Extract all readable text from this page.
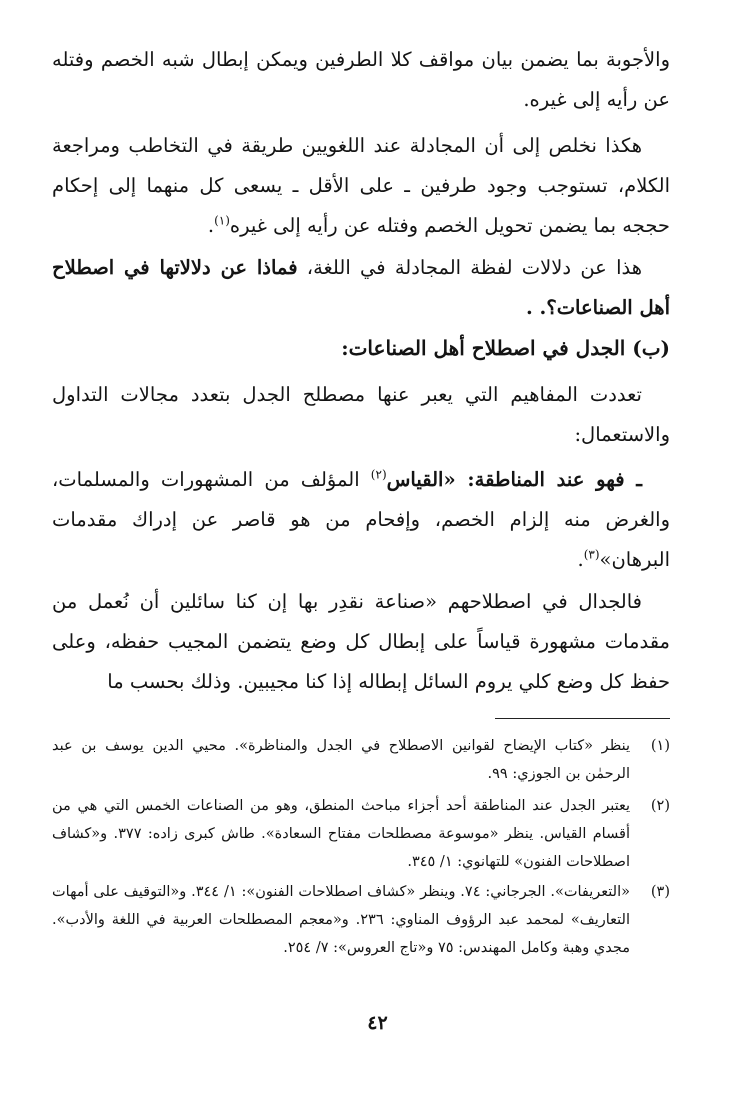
والأجوبة بما يضمن بيان مواقف كلا الطرفين ويمكن إبطال شبه الخصم وفتله عن رأيه إلى غيره.

هكذا نخلص إلى أن المجادلة عند اللغويين طريقة في التخاطب ومراجعة الكلام، تستوجب وجود طرفين ـ على الأقل ـ يسعى كل منهما إلى إحكام حججه بما يضمن تحويل الخصم وفتله عن رأيه إلى غيره$^{(١)}$.

هذا عن دلالات لفظة المجادلة في اللغة، فماذا عن دلالاتها في اصطلاح أهل الصناعات؟. .

(ب) الجدل في اصطلاح أهل الصناعات:

تعددت المفاهيم التي يعبر عنها مصطلح الجدل بتعدد مجالات التداول والاستعمال:

ـ فهو عند المناطقة: «القياس$^{(٢)}$ المؤلف من المشهورات والمسلمات، والغرض منه إلزام الخصم، وإفحام من هو قاصر عن إدراك مقدمات البرهان»$^{(٣)}$.

فالجدال في اصطلاحهم «صناعة نقدِر بها إن كنا سائلين أن نُعمل من مقدمات مشهورة قياساً على إبطال كل وضع يتضمن المجيب حفظه، وعلى حفظ كل وضع كلي يروم السائل إبطاله إذا كنا مجيبين. وذلك بحسب ما

(١)
ينظر «كتاب الإيضاح لقوانين الاصطلاح في الجدل والمناظرة». محيي الدين يوسف بن عبد الرحمٰن بن الجوزي: ٩٩.
(٢)
يعتبر الجدل عند المناطقة أحد أجزاء مباحث المنطق، وهو من الصناعات الخمس التي هي من أقسام القياس. ينظر «موسوعة مصطلحات مفتاح السعادة». طاش كبرى زاده: ٣٧٧. و«كشاف اصطلاحات الفنون» للتهانوي: ١/ ٣٤٥.
(٣)
«التعريفات». الجرجاني: ٧٤. وينظر «كشاف اصطلاحات الفنون»: ١/ ٣٤٤. و«التوقيف على أمهات التعاريف» لمحمد عبد الرؤوف المناوي: ٢٣٦. و«معجم المصطلحات العربية في اللغة والأدب». مجدي وهبة وكامل المهندس: ٧٥ و«تاج العروس»: ٧/ ٢٥٤.
٤٢
